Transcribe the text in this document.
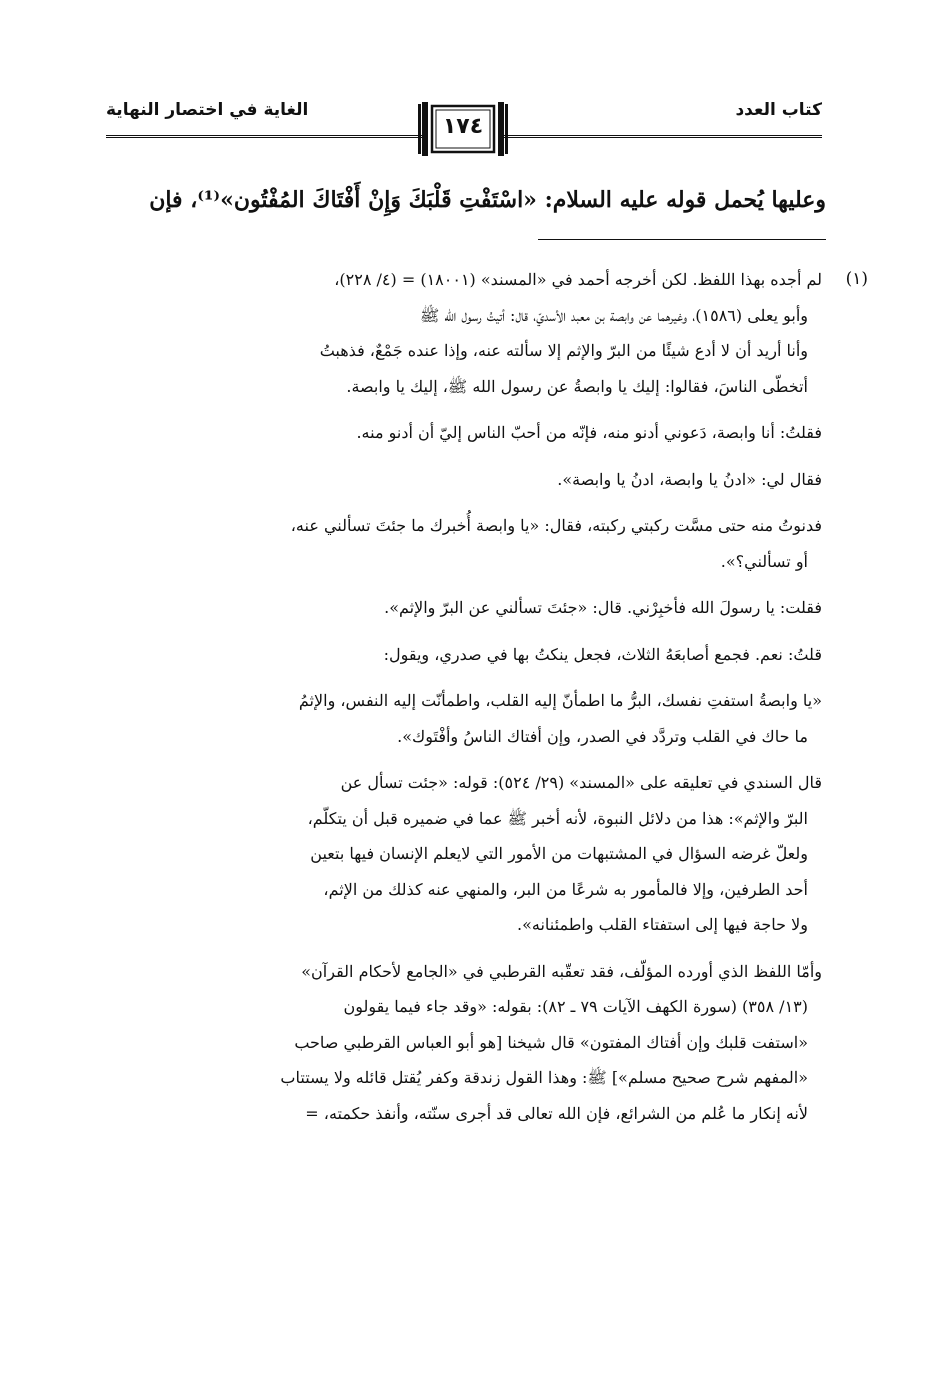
كتاب العدد
الغاية في اختصار النهاية
١٧٤
وعليها يُحمل قوله عليه السلام: «اسْتَفْتِ قَلْبَكَ وَإِنْ أَفْتَاكَ المُفْتُون»⁽¹⁾، فإن
(١)
لم أجده بهذا اللفظ. لكن أخرجه أحمد في «المسند» (١٨٠٠١) = (٤/ ٢٢٨)،
وأبو يعلى (١٥٨٦)، وغيرهما عن وابصة بن معبد الأسديّ، قال: أتيتُ رسول الله ﷺ
وأنا أريد أن لا أدع شيئًا من البرّ والإثم إلا سألته عنه، وإذا عنده جَمْعٌ، فذهبتُ
أتخطّى الناسَ، فقالوا: إليك يا وابصةُ عن رسول الله ﷺ، إليك يا وابصة.
فقلتُ: أنا وابصة، دَعوني أدنو منه، فإنّه من أحبّ الناس إليّ أن أدنو منه.
فقال لي: «ادنُ يا وابصة، ادنُ يا وابصة».
فدنوتُ منه حتى مسَّت ركبتي ركبته، فقال: «يا وابصة أُخبرك ما جئتَ تسألني عنه،
أو تسألني؟».
فقلت: يا رسولَ الله فأخبِرْني. قال: «جئتَ تسألني عن البرّ والإثم».
قلتُ: نعم. فجمع أصابعَهُ الثلاث، فجعل ينكتُ بها في صدري، ويقول:
«يا وابصةُ استفتِ نفسك، البرُّ ما اطمأنّ إليه القلب، واطمأنّت إليه النفس، والإثمُ
ما حاك في القلب وتردَّد في الصدر، وإن أفتاك الناسُ وأفْتَوك».
قال السندي في تعليقه على «المسند» (٢٩/ ٥٢٤): قوله: «جئت تسأل عن
البرّ والإثم»: هذا من دلائل النبوة، لأنه أخبر ﷺ عما في ضميره قبل أن يتكلّم،
ولعلّ غرضه السؤال في المشتبهات من الأمور التي لايعلم الإنسان فيها بتعين
أحد الطرفين، وإلا فالمأمور به شرعًا من البر، والمنهي عنه كذلك من الإثم،
ولا حاجة فيها إلى استفتاء القلب واطمئنانه».
وأمّا اللفظ الذي أورده المؤلّف، فقد تعقّبه القرطبي في «الجامع لأحكام القرآن»
(١٣/ ٣٥٨) (سورة الكهف الآيات ٧٩ ـ ٨٢): بقوله: «وقد جاء فيما يقولون
«استفت قلبك وإن أفتاك المفتون» قال شيخنا [هو أبو العباس القرطبي صاحب
«المفهم شرح صحيح مسلم»] ﷺ: وهذا القول زندقة وكفر يُقتل قائله ولا يستتاب
لأنه إنكار ما عُلم من الشرائع، فإن الله تعالى قد أجرى سنّته، وأنفذ حكمته، =
